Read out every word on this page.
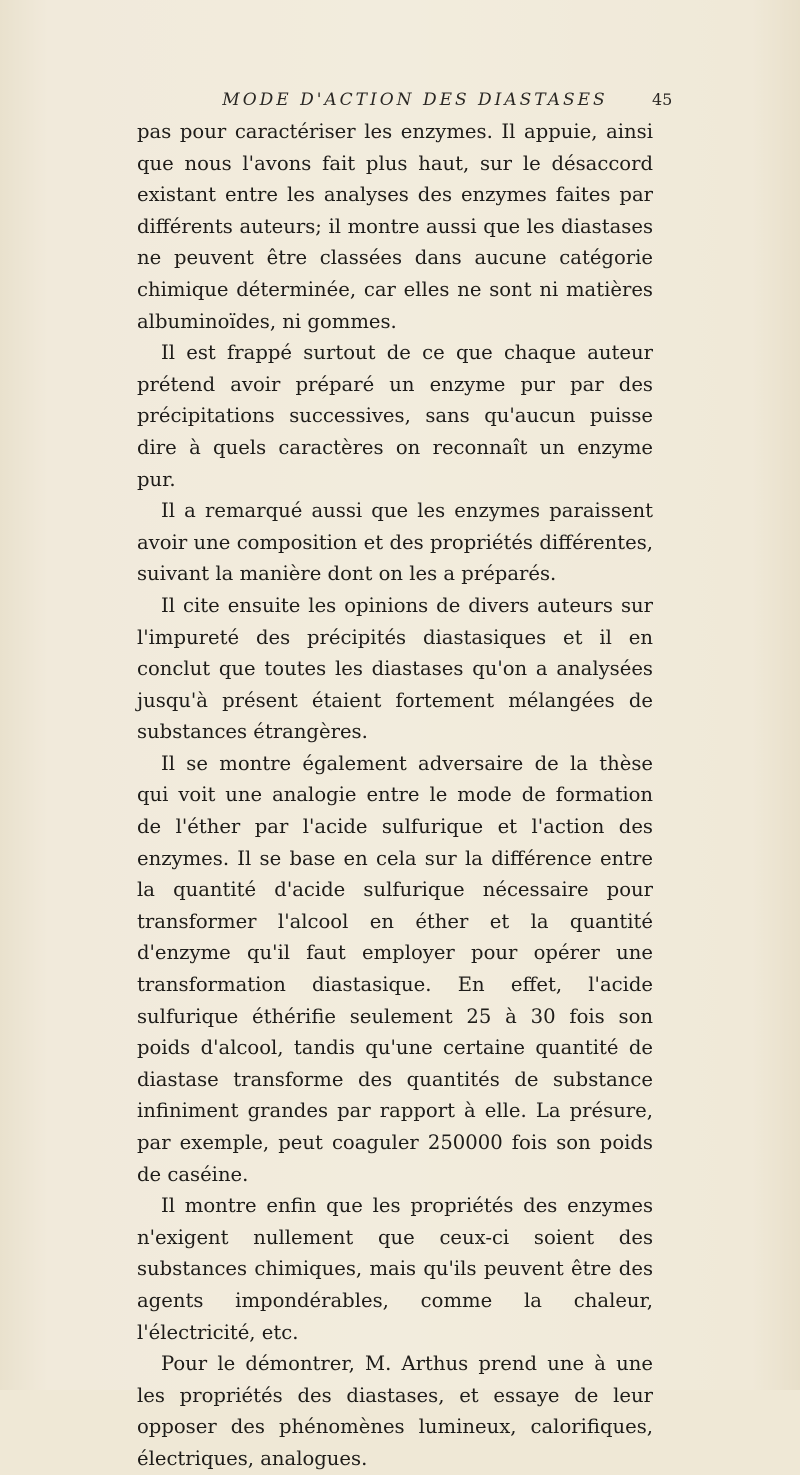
MODE D'ACTION DES DIASTASES	45

pas pour caractériser les enzymes. Il appuie, ainsi que nous l'avons fait plus haut, sur le désaccord existant entre les analyses des enzymes faites par différents auteurs; il montre aussi que les diastases ne peuvent être classées dans aucune catégorie chimique déterminée, car elles ne sont ni matières albuminoïdes, ni gommes.

Il est frappé surtout de ce que chaque auteur prétend avoir préparé un enzyme pur par des précipitations successives, sans qu'aucun puisse dire à quels caractères on reconnaît un enzyme pur.

Il a remarqué aussi que les enzymes paraissent avoir une composition et des propriétés différentes, suivant la manière dont on les a préparés.

Il cite ensuite les opinions de divers auteurs sur l'impureté des précipités diastasiques et il en conclut que toutes les diastases qu'on a analysées jusqu'à présent étaient fortement mélangées de substances étrangères.

Il se montre également adversaire de la thèse qui voit une analogie entre le mode de formation de l'éther par l'acide sulfurique et l'action des enzymes. Il se base en cela sur la différence entre la quantité d'acide sulfurique nécessaire pour transformer l'alcool en éther et la quantité d'enzyme qu'il faut employer pour opérer une transformation diastasique. En effet, l'acide sulfurique éthérifie seulement 25 à 30 fois son poids d'alcool, tandis qu'une certaine quantité de diastase transforme des quantités de substance infiniment grandes par rapport à elle. La présure, par exemple, peut coaguler 250000 fois son poids de caséine.

Il montre enfin que les propriétés des enzymes n'exigent nullement que ceux-ci soient des substances chimiques, mais qu'ils peuvent être des agents impondérables, comme la chaleur, l'électricité, etc.

Pour le démontrer, M. Arthus prend une à une les propriétés des diastases, et essaye de leur opposer des phénomènes lumineux, calorifiques, électriques, analogues.
